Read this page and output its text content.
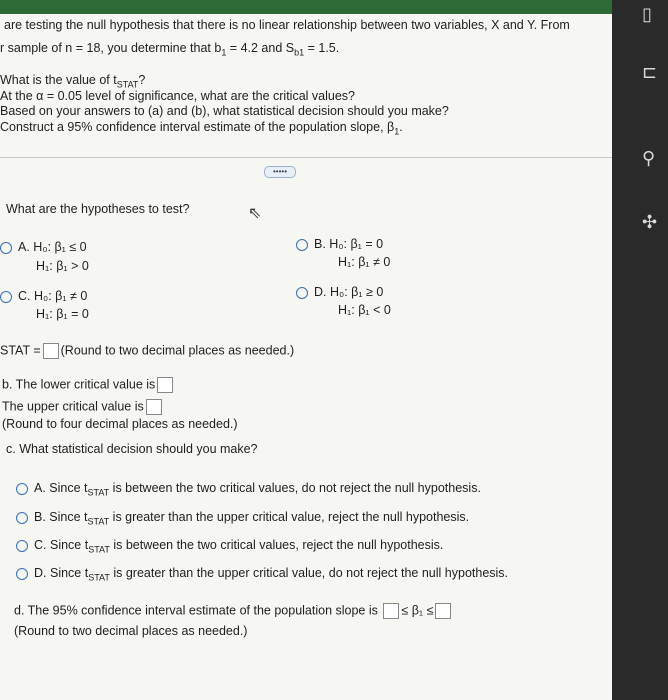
▯
⊏
⚲
✣
are testing the null hypothesis that there is no linear relationship between two variables, X and Y. From
r sample of n = 18, you determine that $b_1 = 4.2$ and $S_{b1} = 1.5$.
What is the value of $t_{STAT}$?
At the α = 0.05 level of significance, what are the critical values?
Based on your answers to (a) and (b), what statistical decision should you make?
Construct a 95% confidence interval estimate of the population slope, $\beta_1$.
•••••
What are the hypotheses to test?	⇖
A. H₀: β₁ ≤ 0
H₁: β₁ > 0
B. H₀: β₁ = 0
H₁: β₁ ≠ 0
C. H₀: β₁ ≠ 0
H₁: β₁ = 0
D. H₀: β₁ ≥ 0
H₁: β₁ < 0
STAT = (Round to two decimal places as needed.)
b. The lower critical value is
The upper critical value is
(Round to four decimal places as needed.)
c. What statistical decision should you make?
A. Since $t_{STAT}$ is between the two critical values, do not reject the null hypothesis.
B. Since $t_{STAT}$ is greater than the upper critical value, reject the null hypothesis.
C. Since $t_{STAT}$ is between the two critical values, reject the null hypothesis.
D. Since $t_{STAT}$ is greater than the upper critical value, do not reject the null hypothesis.
d. The 95% confidence interval estimate of the population slope is ≤ β₁ ≤
(Round to two decimal places as needed.)
